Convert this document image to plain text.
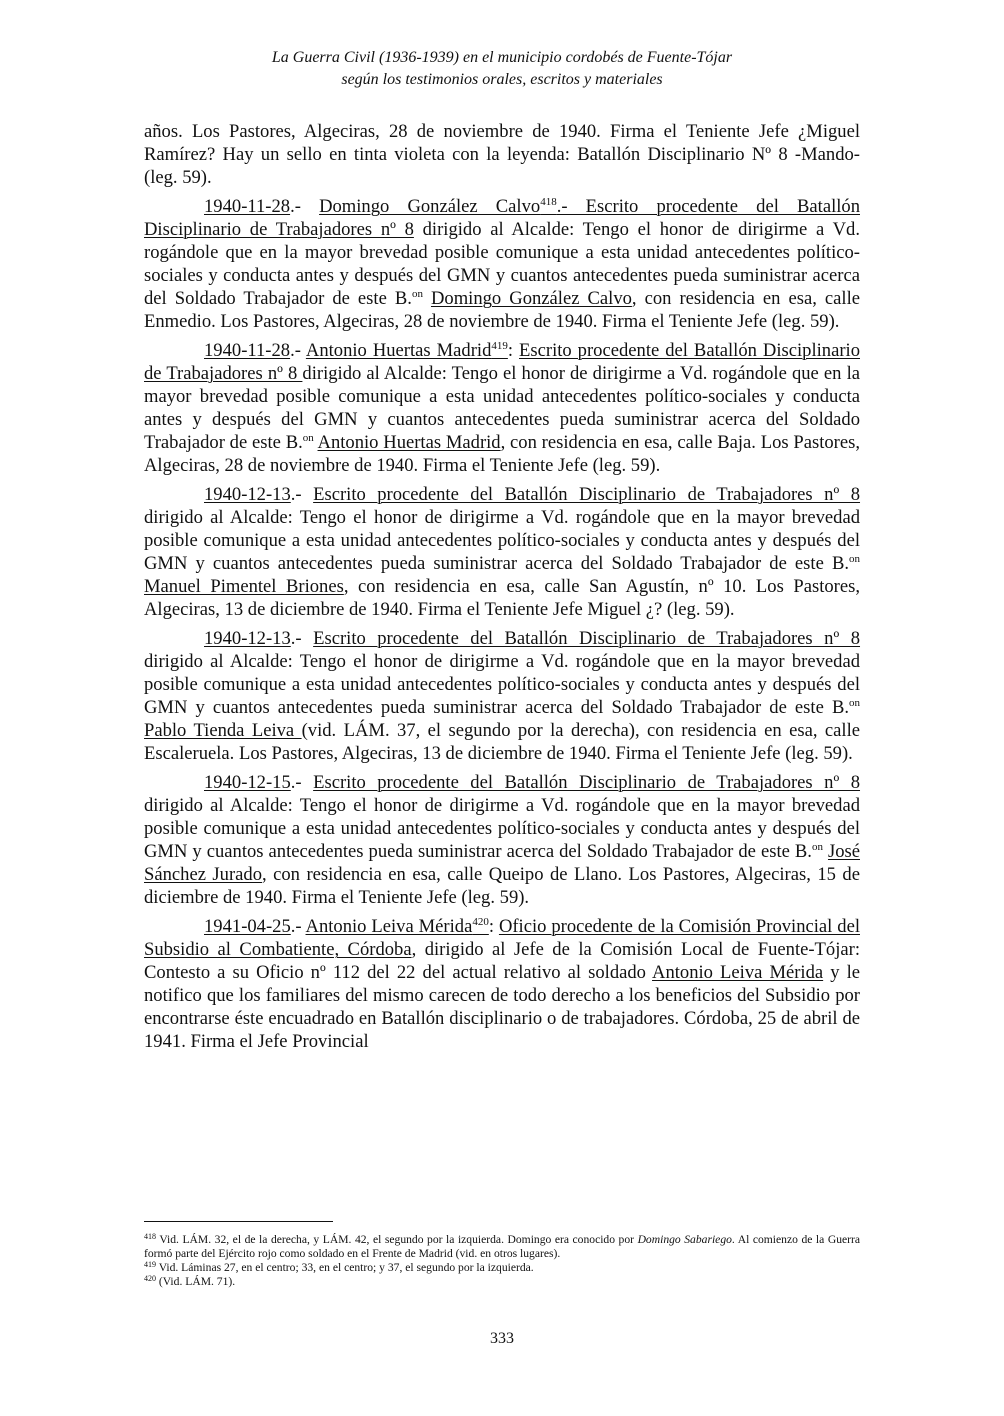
La Guerra Civil (1936-1939) en el municipio cordobés de Fuente-Tójar
según los testimonios orales, escritos y materiales

años. Los Pastores, Algeciras, 28 de noviembre de 1940. Firma el Teniente Jefe ¿Miguel Ramírez? Hay un sello en tinta violeta con la leyenda: Batallón Disciplinario Nº 8 -Mando- (leg. 59).

1940-11-28.- Domingo González Calvo$^{418}$.- Escrito procedente del Batallón Disciplinario de Trabajadores nº 8 dirigido al Alcalde: Tengo el honor de dirigirme a Vd. rogándole que en la mayor brevedad posible comunique a esta unidad antecedentes político-sociales y conducta antes y después del GMN y cuantos antecedentes pueda suministrar acerca del Soldado Trabajador de este B.$^{on}$ Domingo González Calvo, con residencia en esa, calle Enmedio. Los Pastores, Algeciras, 28 de noviembre de 1940. Firma el Teniente Jefe (leg. 59).

1940-11-28.- Antonio Huertas Madrid$^{419}$: Escrito procedente del Batallón Disciplinario de Trabajadores nº 8 dirigido al Alcalde: Tengo el honor de dirigirme a Vd. rogándole que en la mayor brevedad posible comunique a esta unidad antecedentes político-sociales y conducta antes y después del GMN y cuantos antecedentes pueda suministrar acerca del Soldado Trabajador de este B.$^{on}$ Antonio Huertas Madrid, con residencia en esa, calle Baja. Los Pastores, Algeciras, 28 de noviembre de 1940. Firma el Teniente Jefe (leg. 59).

1940-12-13.- Escrito procedente del Batallón Disciplinario de Trabajadores nº 8 dirigido al Alcalde: Tengo el honor de dirigirme a Vd. rogándole que en la mayor brevedad posible comunique a esta unidad antecedentes político-sociales y conducta antes y después del GMN y cuantos antecedentes pueda suministrar acerca del Soldado Trabajador de este B.$^{on}$ Manuel Pimentel Briones, con residencia en esa, calle San Agustín, nº 10. Los Pastores, Algeciras, 13 de diciembre de 1940. Firma el Teniente Jefe Miguel ¿? (leg. 59).

1940-12-13.- Escrito procedente del Batallón Disciplinario de Trabajadores nº 8 dirigido al Alcalde: Tengo el honor de dirigirme a Vd. rogándole que en la mayor brevedad posible comunique a esta unidad antecedentes político-sociales y conducta antes y después del GMN y cuantos antecedentes pueda suministrar acerca del Soldado Trabajador de este B.$^{on}$ Pablo Tienda Leiva (vid. LÁM. 37, el segundo por la derecha), con residencia en esa, calle Escaleruela. Los Pastores, Algeciras, 13 de diciembre de 1940. Firma el Teniente Jefe (leg. 59).

1940-12-15.- Escrito procedente del Batallón Disciplinario de Trabajadores nº 8 dirigido al Alcalde: Tengo el honor de dirigirme a Vd. rogándole que en la mayor brevedad posible comunique a esta unidad antecedentes político-sociales y conducta antes y después del GMN y cuantos antecedentes pueda suministrar acerca del Soldado Trabajador de este B.$^{on}$ José Sánchez Jurado, con residencia en esa, calle Queipo de Llano. Los Pastores, Algeciras, 15 de diciembre de 1940. Firma el Teniente Jefe (leg. 59).

1941-04-25.- Antonio Leiva Mérida$^{420}$: Oficio procedente de la Comisión Provincial del Subsidio al Combatiente, Córdoba, dirigido al Jefe de la Comisión Local de Fuente-Tójar: Contesto a su Oficio nº 112 del 22 del actual relativo al soldado Antonio Leiva Mérida y le notifico que los familiares del mismo carecen de todo derecho a los beneficios del Subsidio por encontrarse éste encuadrado en Batallón disciplinario o de trabajadores. Córdoba, 25 de abril de 1941. Firma el Jefe Provincial

$^{418}$ Vid. LÁM. 32, el de la derecha, y LÁM. 42, el segundo por la izquierda. Domingo era conocido por Domingo Sabariego. Al comienzo de la Guerra formó parte del Ejército rojo como soldado en el Frente de Madrid (vid. en otros lugares).

$^{419}$ Vid. Láminas 27, en el centro; 33, en el centro; y 37, el segundo por la izquierda.

$^{420}$ (Vid. LÁM. 71).

333
